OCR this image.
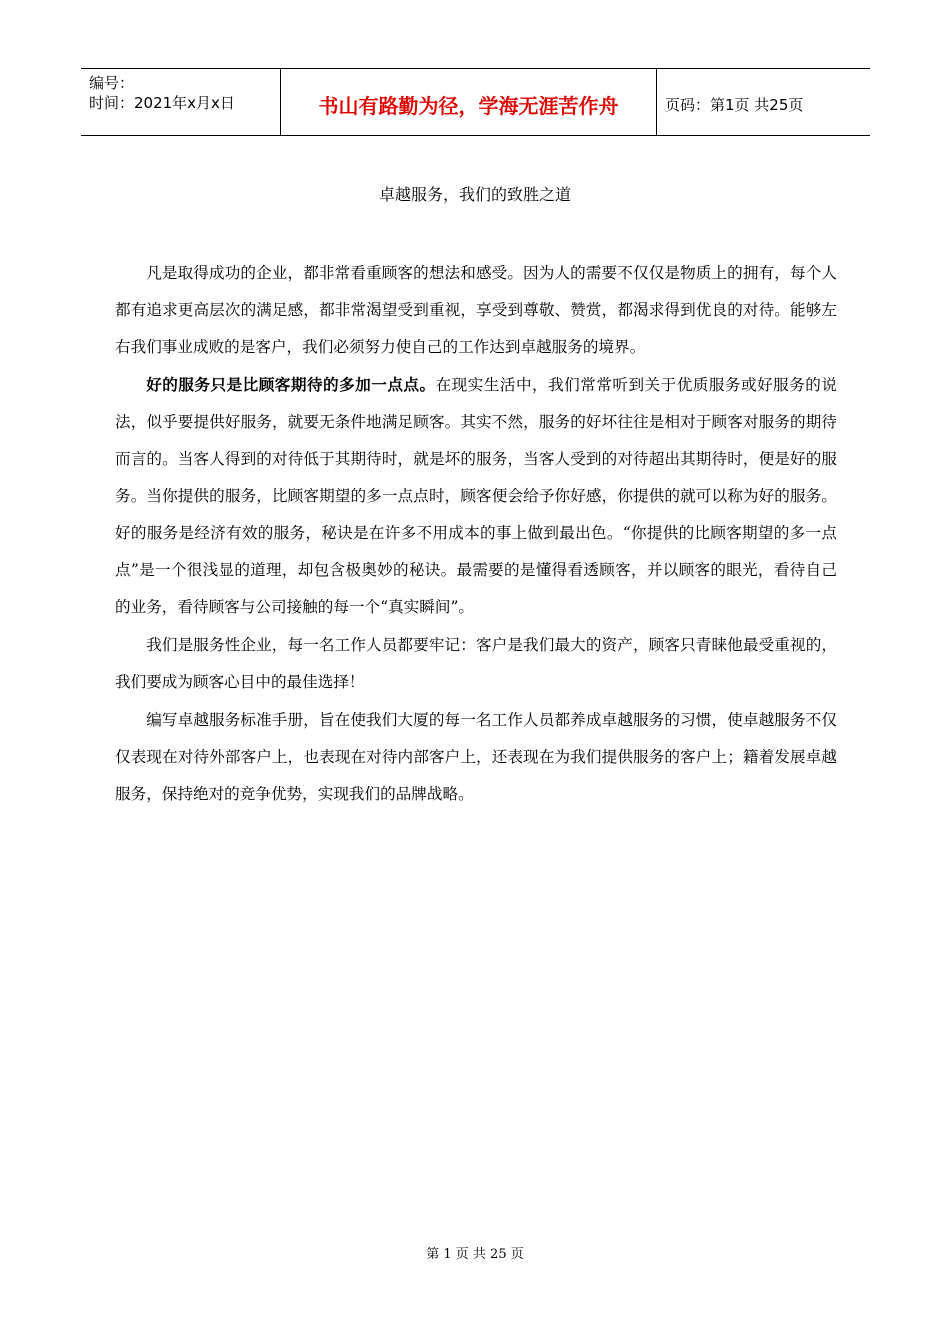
编号：
时间：2021年x月x日	书山有路勤为径，学海无涯苦作舟	页码：第1页 共25页
卓越服务，我们的致胜之道

凡是取得成功的企业，都非常看重顾客的想法和感受。因为人的需要不仅仅是物质上的拥有，每个人都有追求更高层次的满足感，都非常渴望受到重视，享受到尊敬、赞赏，都渴求得到优良的对待。能够左右我们事业成败的是客户，我们必须努力使自己的工作达到卓越服务的境界。

好的服务只是比顾客期待的多加一点点。在现实生活中，我们常常听到关于优质服务或好服务的说法，似乎要提供好服务，就要无条件地满足顾客。其实不然，服务的好坏往往是相对于顾客对服务的期待而言的。当客人得到的对待低于其期待时，就是坏的服务，当客人受到的对待超出其期待时，便是好的服务。当你提供的服务，比顾客期望的多一点点时，顾客便会给予你好感，你提供的就可以称为好的服务。好的服务是经济有效的服务，秘诀是在许多不用成本的事上做到最出色。“你提供的比顾客期望的多一点点”是一个很浅显的道理，却包含极奥妙的秘诀。最需要的是懂得看透顾客，并以顾客的眼光，看待自己的业务，看待顾客与公司接触的每一个“真实瞬间”。

我们是服务性企业，每一名工作人员都要牢记：客户是我们最大的资产，顾客只青睐他最受重视的，我们要成为顾客心目中的最佳选择！

编写卓越服务标准手册，旨在使我们大厦的每一名工作人员都养成卓越服务的习惯，使卓越服务不仅仅表现在对待外部客户上，也表现在对待内部客户上，还表现在为我们提供服务的客户上；籍着发展卓越服务，保持绝对的竞争优势，实现我们的品牌战略。

第 1 页 共 25 页
